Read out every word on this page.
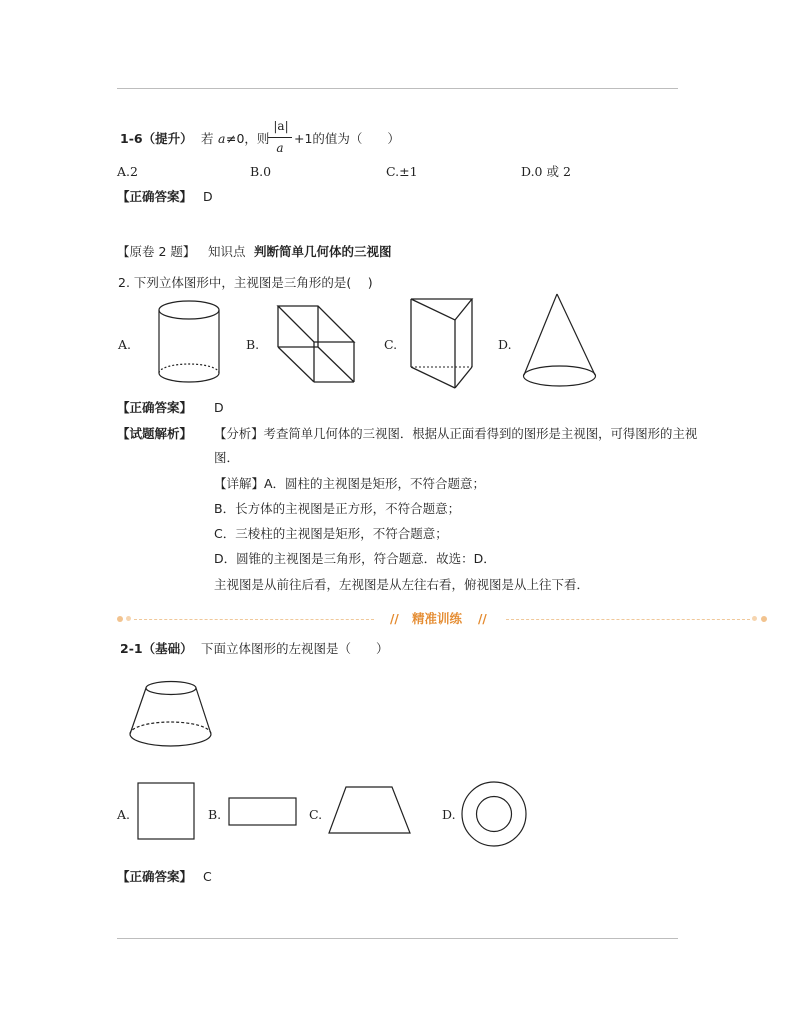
1-6（提升） 若 a ≠0，则
|a|
a
+1的值为（　　）
A.2	B.0	C.±1	D.0 或 2
【正确答案】 D
【原卷 2 题】 知识点 判断简单几何体的三视图
2. 下列立体图形中，主视图是三角形的是(　 )
A.	B.	C.	D.
【正确答案】 D
【试题解析】 【分析】考查简单几何体的三视图．根据从正面看得到的图形是主视图，可得图形的主视
图．
【详解】A．圆柱的主视图是矩形，不符合题意；
B．长方体的主视图是正方形，不符合题意；
C．三棱柱的主视图是矩形，不符合题意；
D．圆锥的主视图是三角形，符合题意．故选：D．
主视图是从前往后看，左视图是从左往右看，俯视图是从上往下看．
// 精准训练 //
2-1（基础） 下面立体图形的左视图是（　　）
A.	B.	C.	D.
【正确答案】 C
